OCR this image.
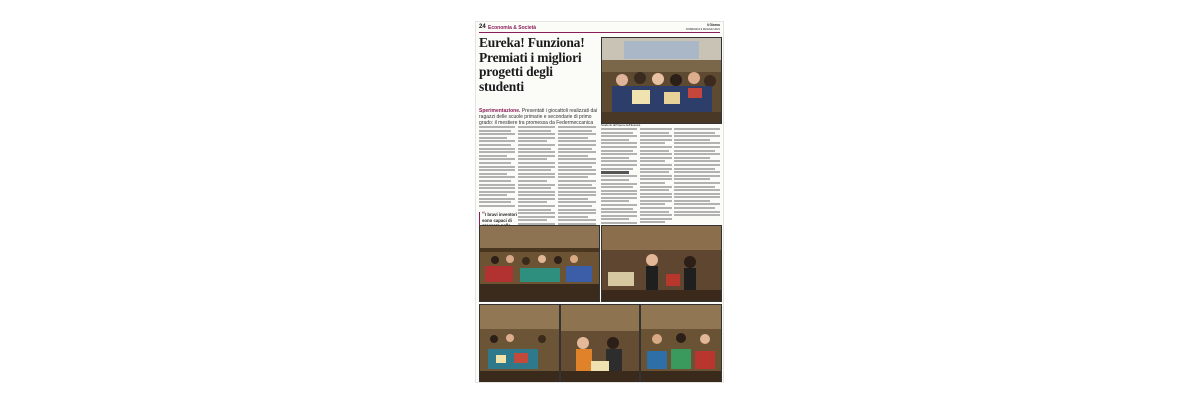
24 Economia & Società	il Giorno
DOMENICA 9 MAGGIO 2021
Eureka! Funziona! Premiati i migliori progetti degli studenti
Sperimentazione. Presentati i giocattoli realizzati dai ragazzi delle scuole primarie e secondarie di primo grado: il mestiere tra promessa da Federmeccanica
“I bravi inventori sono capaci di
Studenti all'Opera dell'Eureka
